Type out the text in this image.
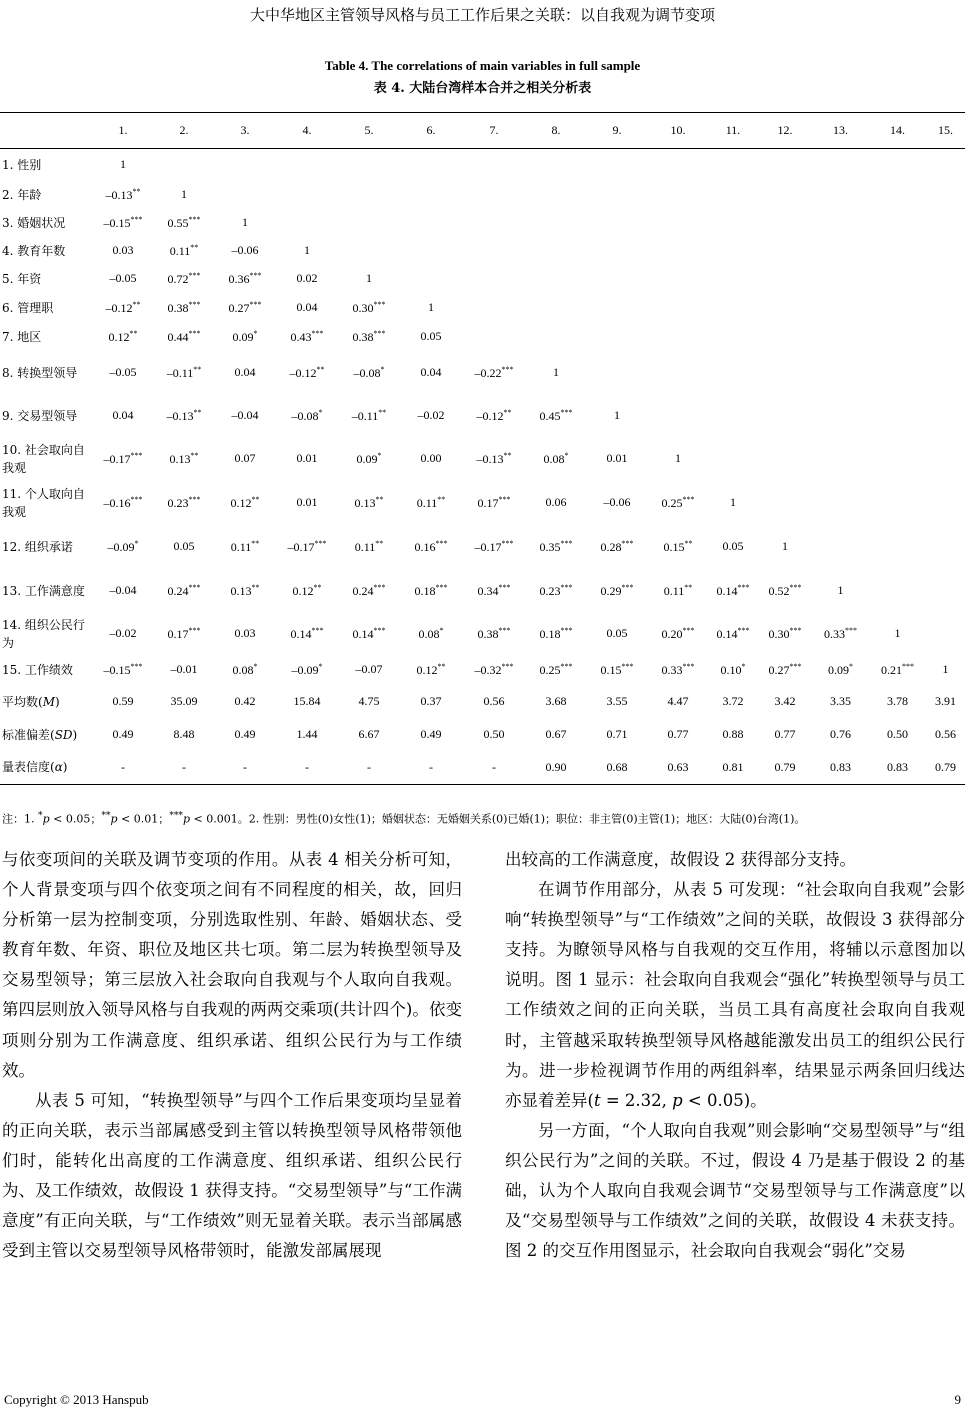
大中华地区主管领导风格与员工工作后果之关联：以自我观为调节变项
Table 4. The correlations of main variables in full sample
表 4. 大陆台湾样本合并之相关分析表
	1.	2.	3.	4.	5.	6.	7.	8.	9.	10.	11.	12.	13.	14.	15.
1. 性别	1														
2. 年龄	–0.13**	1													
3. 婚姻状况	–0.15***	0.55***	1												
4. 教育年数	0.03	0.11**	–0.06	1											
5. 年资	–0.05	0.72***	0.36***	0.02	1										
6. 管理职	–0.12**	0.38***	0.27***	0.04	0.30***	1									
7. 地区	0.12**	0.44***	0.09*	0.43***	0.38***	0.05									
8. 转换型领导	–0.05	–0.11**	0.04	–0.12**	–0.08*	0.04	–0.22***	1							
9. 交易型领导	0.04	–0.13**	–0.04	–0.08*	–0.11**	–0.02	–0.12**	0.45***	1						
10. 社会取向自我观	–0.17***	0.13**	0.07	0.01	0.09*	0.00	–0.13**	0.08*	0.01	1					
11. 个人取向自我观	–0.16***	0.23***	0.12**	0.01	0.13**	0.11**	0.17***	0.06	–0.06	0.25***	1				
12. 组织承诺	–0.09*	0.05	0.11**	–0.17***	0.11**	0.16***	–0.17***	0.35***	0.28***	0.15**	0.05	1			
13. 工作满意度	–0.04	0.24***	0.13**	0.12**	0.24***	0.18***	0.34***	0.23***	0.29***	0.11**	0.14***	0.52***	1		
14. 组织公民行为	–0.02	0.17***	0.03	0.14***	0.14***	0.08*	0.38***	0.18***	0.05	0.20***	0.14***	0.30***	0.33***	1	
15. 工作绩效	–0.15***	–0.01	0.08*	–0.09*	–0.07	0.12**	–0.32***	0.25***	0.15***	0.33***	0.10*	0.27***	0.09*	0.21***	1
平均数(M)	0.59	35.09	0.42	15.84	4.75	0.37	0.56	3.68	3.55	4.47	3.72	3.42	3.35	3.78	3.91
标准偏差(SD)	0.49	8.48	0.49	1.44	6.67	0.49	0.50	0.67	0.71	0.77	0.88	0.77	0.76	0.50	0.56
量表信度(α)	-	-	-	-	-	-	-	0.90	0.68	0.63	0.81	0.79	0.83	0.83	0.79
注：1. *p < 0.05；**p < 0.01；***p < 0.001。2. 性别：男性(0)女性(1)；婚姻状态：无婚姻关系(0)已婚(1)；职位：非主管(0)主管(1)；地区：大陆(0)台湾(1)。

与依变项间的关联及调节变项的作用。从表 4 相关分析可知，个人背景变项与四个依变项之间有不同程度的相关，故，回归分析第一层为控制变项，分别选取性别、年龄、婚姻状态、受教育年数、年资、职位及地区共七项。第二层为转换型领导及交易型领导；第三层放入社会取向自我观与个人取向自我观。第四层则放入领导风格与自我观的两两交乘项(共计四个)。依变项则分别为工作满意度、组织承诺、组织公民行为与工作绩效。

从表 5 可知，“转换型领导”与四个工作后果变项均呈显着的正向关联，表示当部属感受到主管以转换型领导风格带领他们时，能转化出高度的工作满意度、组织承诺、组织公民行为、及工作绩效，故假设 1 获得支持。“交易型领导”与“工作满意度”有正向关联，与“工作绩效”则无显着关联。表示当部属感受到主管以交易型领导风格带领时，能激发部属展现

出较高的工作满意度，故假设 2 获得部分支持。

在调节作用部分，从表 5 可发现：“社会取向自我观”会影响“转换型领导”与“工作绩效”之间的关联，故假设 3 获得部分支持。为瞭领导风格与自我观的交互作用，将辅以示意图加以说明。图 1 显示：社会取向自我观会“强化”转换型领导与员工工作绩效之间的正向关联，当员工具有高度社会取向自我观时，主管越采取转换型领导风格越能激发出员工的组织公民行为。进一步检视调节作用的两组斜率，结果显示两条回归线达亦显着差异(t = 2.32, p < 0.05)。

另一方面，“个人取向自我观”则会影响“交易型领导”与“组织公民行为”之间的关联。不过，假设 4 乃是基于假设 2 的基础，认为个人取向自我观会调节“交易型领导与工作满意度”以及“交易型领导与工作绩效”之间的关联，故假设 4 未获支持。图 2 的交互作用图显示，社会取向自我观会“弱化”交易

Copyright © 2013 Hanspub	9
